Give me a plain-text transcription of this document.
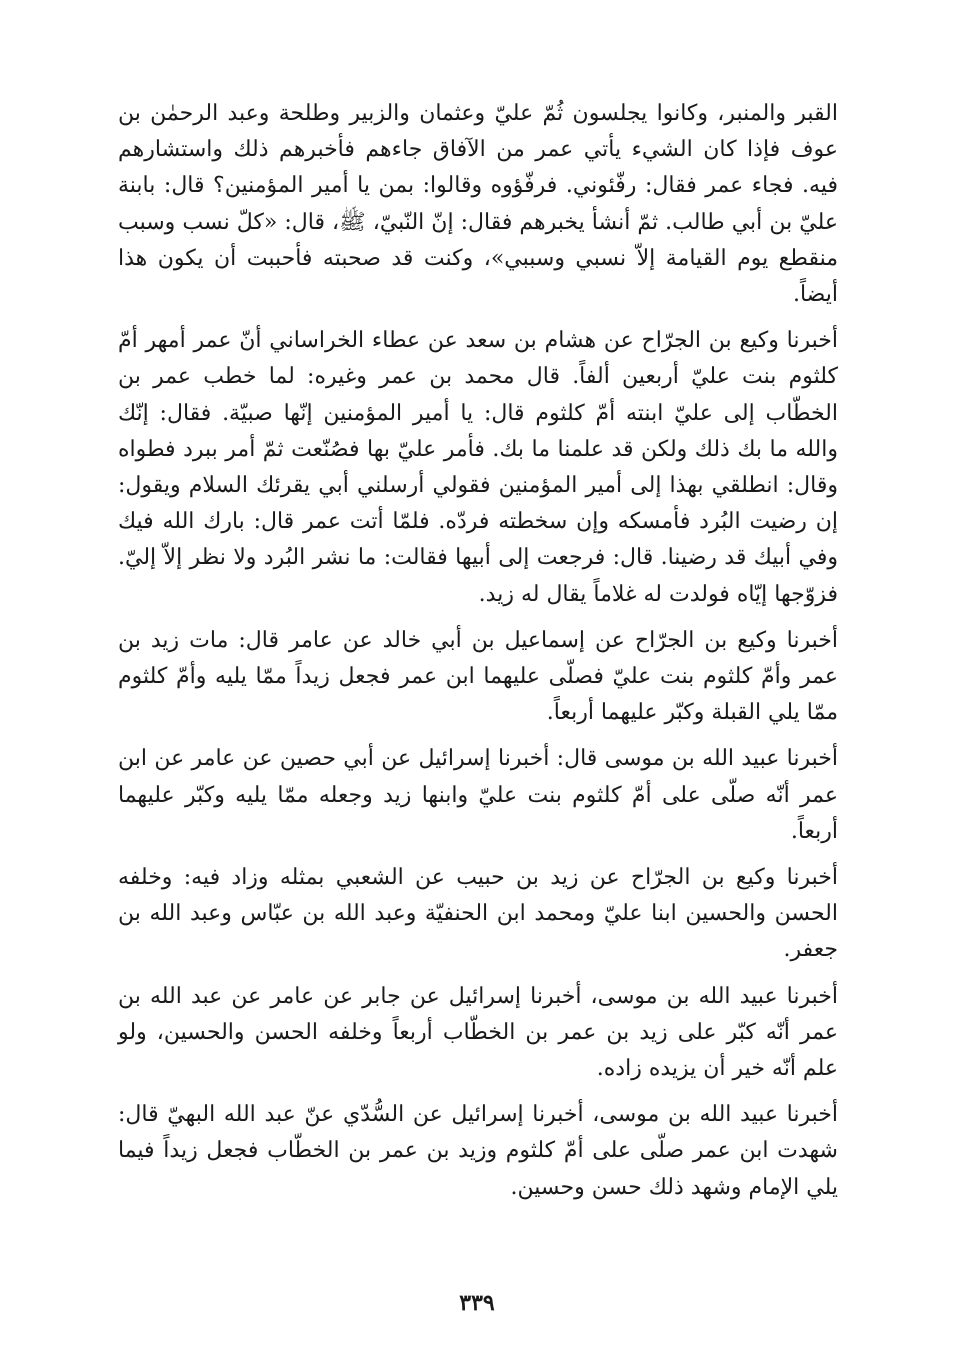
القبر والمنبر، وكانوا يجلسون ثُمّ عليّ وعثمان والزبير وطلحة وعبد الرحمٰن بن عوف فإذا كان الشيء يأتي عمر من الآفاق جاءهم فأخبرهم ذلك واستشارهم فيه. فجاء عمر فقال: رفّئوني. فرفّؤوه وقالوا: بمن يا أمير المؤمنين؟ قال: بابنة عليّ بن أبي طالب. ثمّ أنشأ يخبرهم فقال: إنّ النّبيّ، ﷺ، قال: «كلّ نسب وسبب منقطع يوم القيامة إلاّ نسبي وسببي»، وكنت قد صحبته فأحببت أن يكون هذا أيضاً.

أخبرنا وكيع بن الجرّاح عن هشام بن سعد عن عطاء الخراساني أنّ عمر أمهر أمّ كلثوم بنت عليّ أربعين ألفاً. قال محمد بن عمر وغيره: لما خطب عمر بن الخطّاب إلى عليّ ابنته أمّ كلثوم قال: يا أمير المؤمنين إنّها صبيّة. فقال: إنّك والله ما بك ذلك ولكن قد علمنا ما بك. فأمر عليّ بها فصُنّعت ثمّ أمر ببرد فطواه وقال: انطلقي بهذا إلى أمير المؤمنين فقولي أرسلني أبي يقرئك السلام ويقول: إن رضيت البُرد فأمسكه وإن سخطته فردّه. فلمّا أتت عمر قال: بارك الله فيك وفي أبيك قد رضينا. قال: فرجعت إلى أبيها فقالت: ما نشر البُرد ولا نظر إلاّ إليّ. فزوّجها إيّاه فولدت له غلاماً يقال له زيد.

أخبرنا وكيع بن الجرّاح عن إسماعيل بن أبي خالد عن عامر قال: مات زيد بن عمر وأمّ كلثوم بنت عليّ فصلّى عليهما ابن عمر فجعل زيداً ممّا يليه وأمّ كلثوم ممّا يلي القبلة وكبّر عليهما أربعاً.

أخبرنا عبيد الله بن موسى قال: أخبرنا إسرائيل عن أبي حصين عن عامر عن ابن عمر أنّه صلّى على أمّ كلثوم بنت عليّ وابنها زيد وجعله ممّا يليه وكبّر عليهما أربعاً.

أخبرنا وكيع بن الجرّاح عن زيد بن حبيب عن الشعبي بمثله وزاد فيه: وخلفه الحسن والحسين ابنا عليّ ومحمد ابن الحنفيّة وعبد الله بن عبّاس وعبد الله بن جعفر.

أخبرنا عبيد الله بن موسى، أخبرنا إسرائيل عن جابر عن عامر عن عبد الله بن عمر أنّه كبّر على زيد بن عمر بن الخطّاب أربعاً وخلفه الحسن والحسين، ولو علم أنّه خير أن يزيده زاده.

أخبرنا عبيد الله بن موسى، أخبرنا إسرائيل عن السُّدّي عنّ عبد الله البهيّ قال: شهدت ابن عمر صلّى على أمّ كلثوم وزيد بن عمر بن الخطّاب فجعل زيداً فيما يلي الإمام وشهد ذلك حسن وحسين.

٣٣٩
